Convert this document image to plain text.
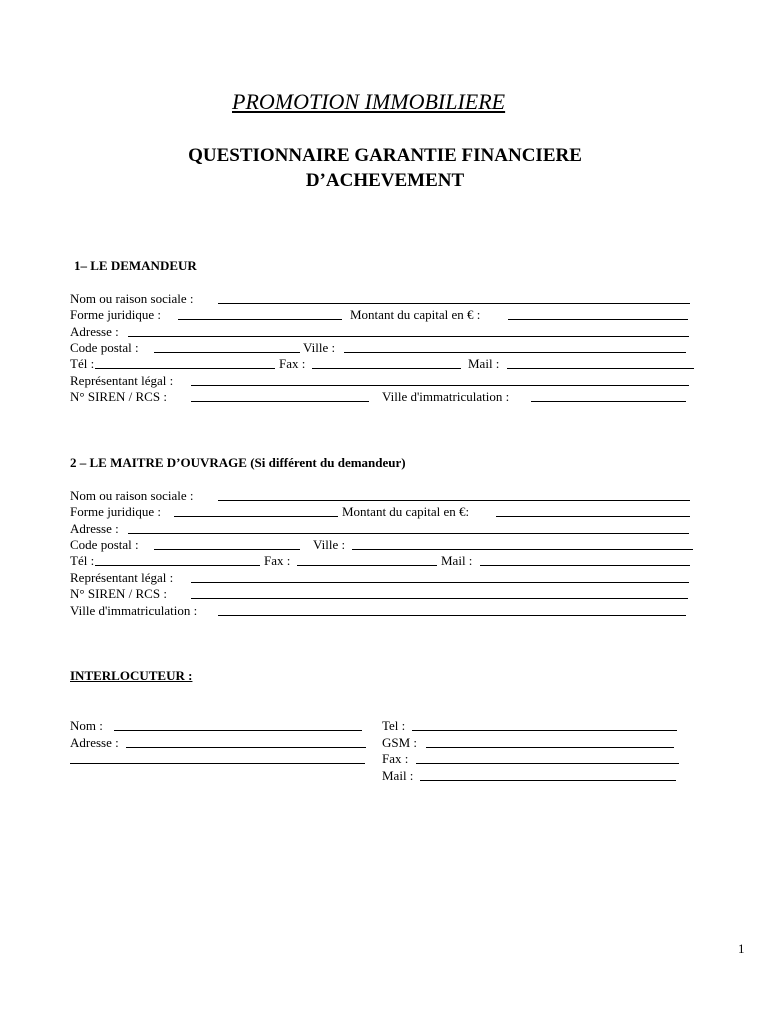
PROMOTION IMMOBILIERE
QUESTIONNAIRE GARANTIE FINANCIERE
D’ACHEVEMENT
1– LE DEMANDEUR
Nom ou raison sociale :
Forme juridique :	Montant du capital en € :
Adresse :
Code postal :	Ville :
Tél :	Fax :	Mail :
Représentant légal :
N° SIREN / RCS :	Ville d'immatriculation :
2 – LE MAITRE D’OUVRAGE (Si différent du demandeur)
Nom ou raison sociale :
Forme juridique :	Montant du capital en €:
Adresse :
Code postal :	Ville :
Tél :	Fax :	Mail :
Représentant légal :
N° SIREN / RCS :
Ville d'immatriculation :
INTERLOCUTEUR :
Nom :	Tel :
Adresse :	GSM :
Fax :
Mail :
1
